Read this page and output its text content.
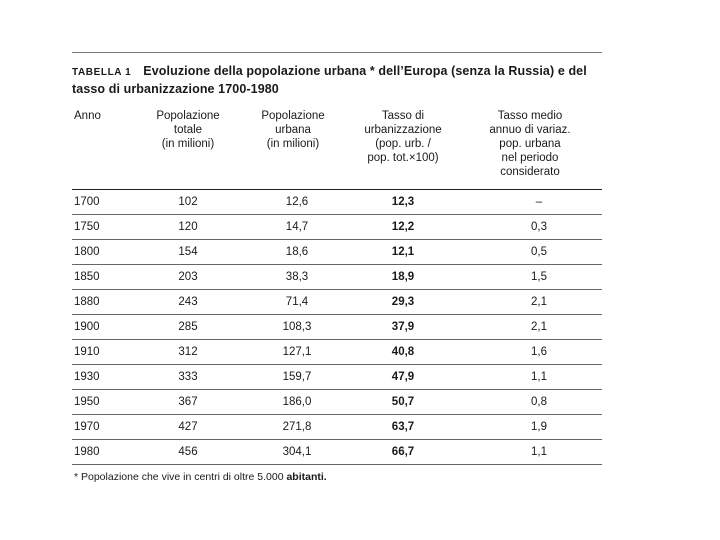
TABELLA 1 Evoluzione della popolazione urbana * dell’Europa (senza la Russia) e del tasso di urbanizzazione 1700-1980
Anno	Popolazione
totale
(in milioni)	Popolazione
urbana
(in milioni)	Tasso di
urbanizzazione
(pop. urb. /
pop. tot.×100)	Tasso medio
annuo di variaz.
pop. urbana
nel periodo
considerato
1700	102	12,6	12,3	–
1750	120	14,7	12,2	0,3
1800	154	18,6	12,1	0,5
1850	203	38,3	18,9	1,5
1880	243	71,4	29,3	2,1
1900	285	108,3	37,9	2,1
1910	312	127,1	40,8	1,6
1930	333	159,7	47,9	1,1
1950	367	186,0	50,7	0,8
1970	427	271,8	63,7	1,9
1980	456	304,1	66,7	1,1
* Popolazione che vive in centri di oltre 5.000 abitanti.
